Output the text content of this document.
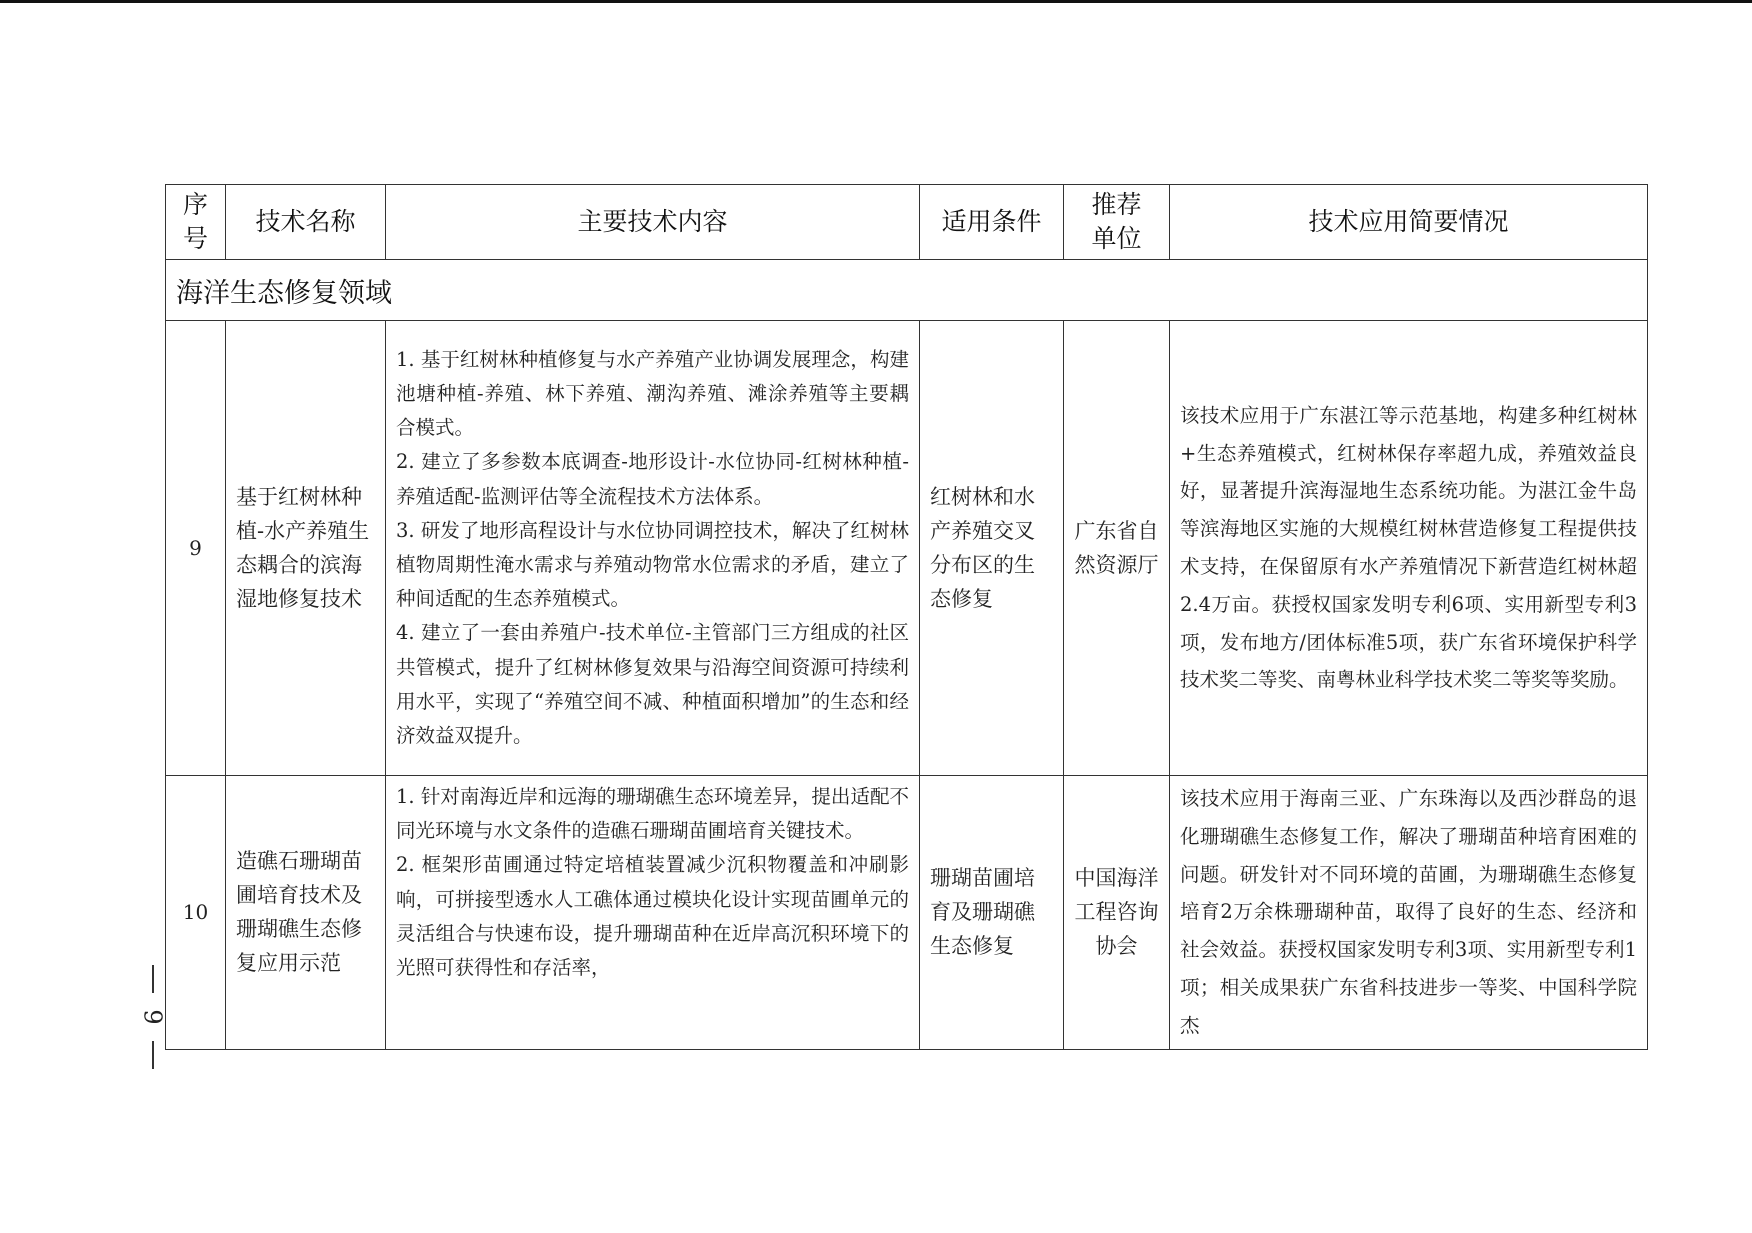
序号	技术名称	主要技术内容	适用条件	推荐单位	技术应用简要情况
海洋生态修复领域					
9	基于红树林种植-水产养殖生态耦合的滨海湿地修复技术	1. 基于红树林种植修复与水产养殖产业协调发展理念，构建池塘种植-养殖、林下养殖、潮沟养殖、滩涂养殖等主要耦合模式。

2. 建立了多参数本底调查-地形设计-水位协同-红树林种植-养殖适配-监测评估等全流程技术方法体系。

3. 研发了地形高程设计与水位协同调控技术，解决了红树林植物周期性淹水需求与养殖动物常水位需求的矛盾，建立了种间适配的生态养殖模式。

4. 建立了一套由养殖户-技术单位-主管部门三方组成的社区共管模式，提升了红树林修复效果与沿海空间资源可持续利用水平，实现了“养殖空间不减、种植面积增加”的生态和经济效益双提升。	红树林和水产养殖交叉分布区的生态修复	广东省自然资源厅	该技术应用于广东湛江等示范基地，构建多种红树林+生态养殖模式，红树林保存率超九成，养殖效益良好，显著提升滨海湿地生态系统功能。为湛江金牛岛等滨海地区实施的大规模红树林营造修复工程提供技术支持，在保留原有水产养殖情况下新营造红树林超2.4万亩。获授权国家发明专利6项、实用新型专利3项，发布地方/团体标准5项，获广东省环境保护科学技术奖二等奖、南粤林业科学技术奖二等奖等奖励。
10	造礁石珊瑚苗圃培育技术及珊瑚礁生态修复应用示范	1. 针对南海近岸和远海的珊瑚礁生态环境差异，提出适配不同光环境与水文条件的造礁石珊瑚苗圃培育关键技术。

2. 框架形苗圃通过特定培植装置减少沉积物覆盖和冲刷影响，可拼接型透水人工礁体通过模块化设计实现苗圃单元的灵活组合与快速布设，提升珊瑚苗种在近岸高沉积环境下的光照可获得性和存活率，	珊瑚苗圃培育及珊瑚礁生态修复	中国海洋工程咨询协会	该技术应用于海南三亚、广东珠海以及西沙群岛的退化珊瑚礁生态修复工作，解决了珊瑚苗种培育困难的问题。研发针对不同环境的苗圃，为珊瑚礁生态修复培育2万余株珊瑚种苗，取得了良好的生态、经济和社会效益。获授权国家发明专利3项、实用新型专利1项；相关成果获广东省科技进步一等奖、中国科学院杰
9
